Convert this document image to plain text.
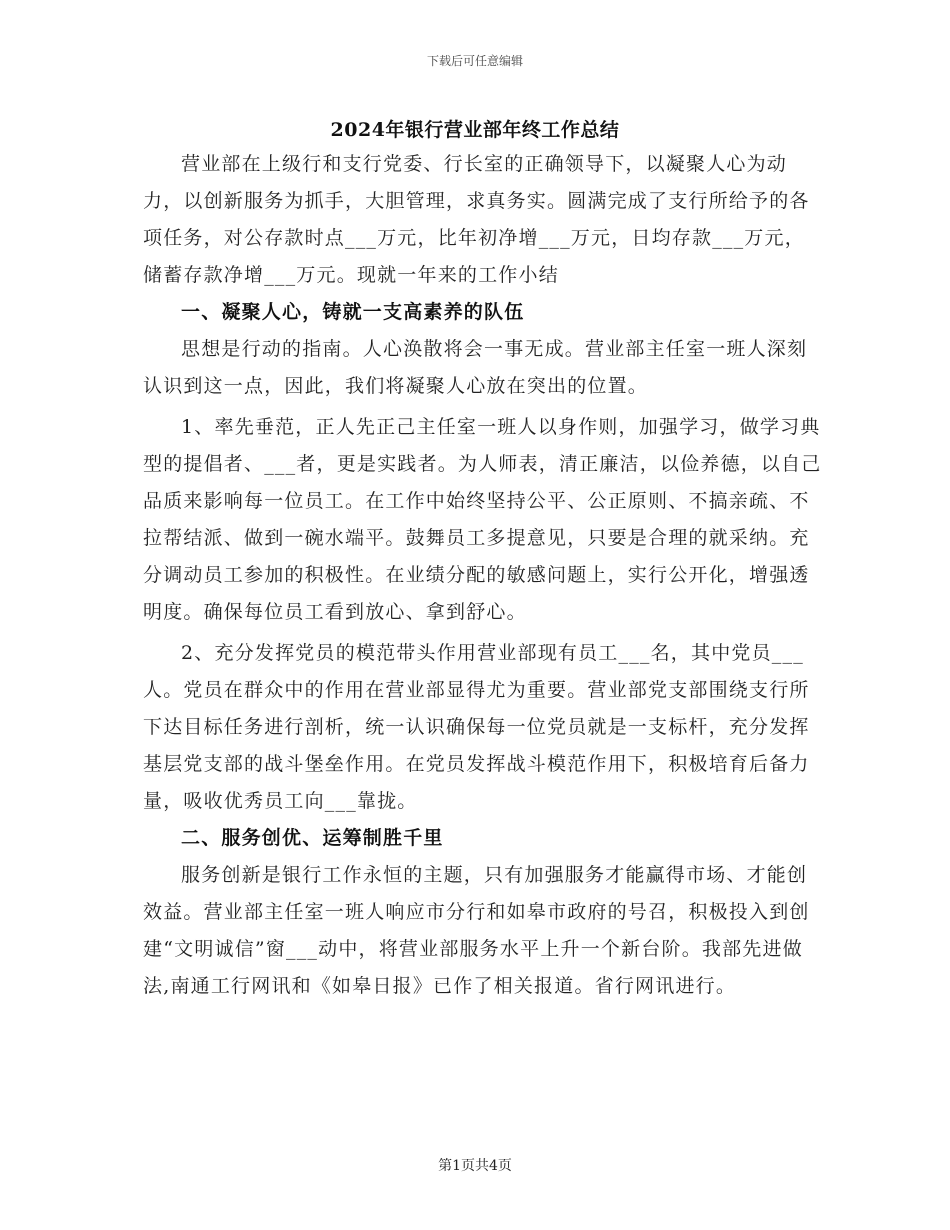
下载后可任意编辑
2024年银行营业部年终工作总结

营业部在上级行和支行党委、行长室的正确领导下，以凝聚人心为动力，以创新服务为抓手，大胆管理，求真务实。圆满完成了支行所给予的各项任务，对公存款时点___万元，比年初净增___万元，日均存款___万元，储蓄存款净增___万元。现就一年来的工作小结

一、凝聚人心，铸就一支高素养的队伍

思想是行动的指南。人心涣散将会一事无成。营业部主任室一班人深刻认识到这一点，因此，我们将凝聚人心放在突出的位置。

1、率先垂范，正人先正己主任室一班人以身作则，加强学习，做学习典型的提倡者、___者，更是实践者。为人师表，清正廉洁，以俭养德，以自己品质来影响每一位员工。在工作中始终坚持公平、公正原则、不搞亲疏、不拉帮结派、做到一碗水端平。鼓舞员工多提意见，只要是合理的就采纳。充分调动员工参加的积极性。在业绩分配的敏感问题上，实行公开化，增强透明度。确保每位员工看到放心、拿到舒心。

2、充分发挥党员的模范带头作用营业部现有员工___名，其中党员___人。党员在群众中的作用在营业部显得尤为重要。营业部党支部围绕支行所下达目标任务进行剖析，统一认识确保每一位党员就是一支标杆，充分发挥基层党支部的战斗堡垒作用。在党员发挥战斗模范作用下，积极培育后备力量，吸收优秀员工向___靠拢。

二、服务创优、运筹制胜千里

服务创新是银行工作永恒的主题，只有加强服务才能赢得市场、才能创效益。营业部主任室一班人响应市分行和如皋市政府的号召，积极投入到创建“文明诚信”窗___动中，将营业部服务水平上升一个新台阶。我部先进做法,南通工行网讯和《如皋日报》已作了相关报道。省行网讯进行。

第1页共4页
